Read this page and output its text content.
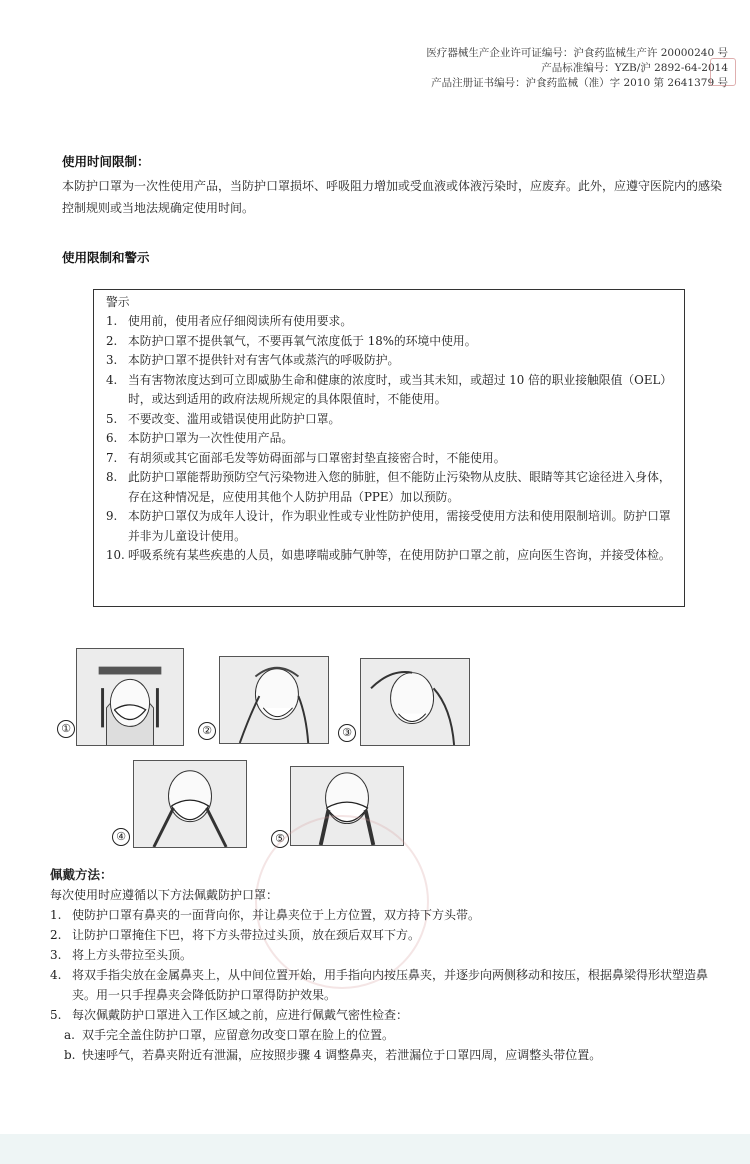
医疗器械生产企业许可证编号：沪食药监械生产许 20000240 号
产品标准编号：YZB/沪 2892-64-2014
产品注册证书编号：沪食药监械（准）字 2010 第 2641379 号
使用时间限制：
本防护口罩为一次性使用产品，当防护口罩损坏、呼吸阻力增加或受血液或体液污染时，应废弃。此外，应遵守医院内的感染控制规则或当地法规确定使用时间。
使用限制和警示
警示
1. 使用前，使用者应仔细阅读所有使用要求。
2. 本防护口罩不提供氧气，不要再氧气浓度低于 18%的环境中使用。
3. 本防护口罩不提供针对有害气体或蒸汽的呼吸防护。
4. 当有害物浓度达到可立即威胁生命和健康的浓度时，或当其未知，或超过 10 倍的职业接触限值（OEL）时，或达到适用的政府法规所规定的具体限值时，不能使用。
5. 不要改变、滥用或错误使用此防护口罩。
6. 本防护口罩为一次性使用产品。
7. 有胡须或其它面部毛发等妨碍面部与口罩密封垫直接密合时，不能使用。
8. 此防护口罩能帮助预防空气污染物进入您的肺脏，但不能防止污染物从皮肤、眼睛等其它途径进入身体，存在这种情况是，应使用其他个人防护用品（PPE）加以预防。
9. 本防护口罩仅为成年人设计，作为职业性或专业性防护使用，需接受使用方法和使用限制培训。防护口罩并非为儿童设计使用。
10. 呼吸系统有某些疾患的人员，如患哮喘或肺气肿等，在使用防护口罩之前，应向医生咨询，并接受体检。
①	②	③
④	⑤
佩戴方法：
每次使用时应遵循以下方法佩戴防护口罩：
1. 使防护口罩有鼻夹的一面背向你，并让鼻夹位于上方位置，双方持下方头带。
2. 让防护口罩掩住下巴，将下方头带拉过头顶，放在颈后双耳下方。
3. 将上方头带拉至头顶。
4. 将双手指尖放在金属鼻夹上，从中间位置开始，用手指向内按压鼻夹，并逐步向两侧移动和按压，根据鼻梁得形状塑造鼻夹。用一只手捏鼻夹会降低防护口罩得防护效果。
5. 每次佩戴防护口罩进入工作区域之前，应进行佩戴气密性检查：
a. 双手完全盖住防护口罩，应留意勿改变口罩在脸上的位置。
b. 快速呼气，若鼻夹附近有泄漏，应按照步骤 4 调整鼻夹，若泄漏位于口罩四周，应调整头带位置。
